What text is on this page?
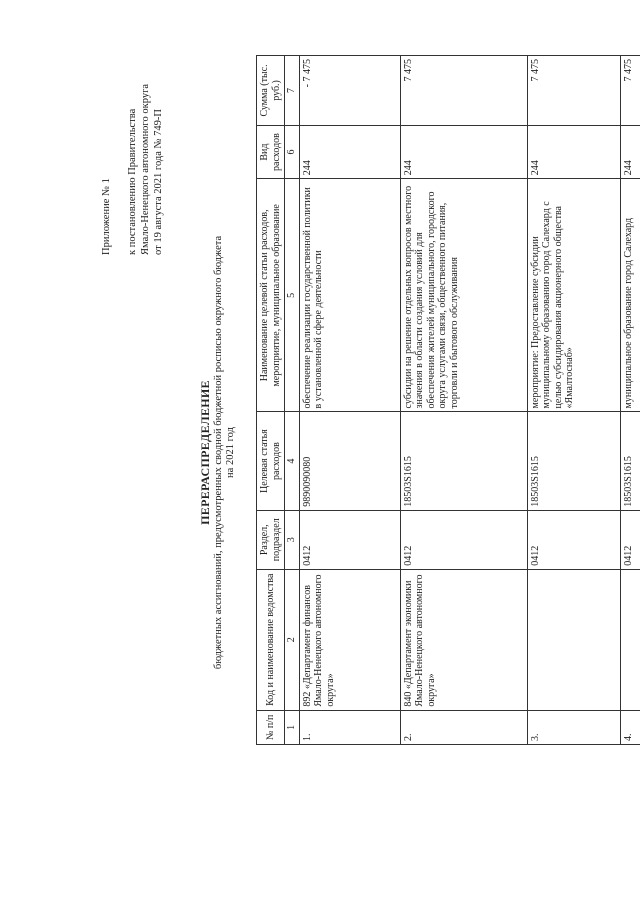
Приложение № 1 к постановлению Правительства Ямало-Ненецкого автономного округа от 19 августа 2021 года № 749-П
ПЕРЕРАСПРЕДЕЛЕНИЕ бюджетных ассигнований, предусмотренных сводной бюджетной росписью окружного бюджета на 2021 год
№ п/п	Код и наименование ведомства	Раздел, подраздел	Целевая статья расходов	Наименование целевой статьи расходов, мероприятие, муниципальное образование	Вид расходов	Сумма (тыс. руб.)
1	2	3	4	5	6	7
1.	892 «Департамент финансов Ямало-Ненецкого автономного округа»	0412	9890090080	обеспечение реализации государственной политики в установленной сфере деятельности	244	- 7 475
2.	840 «Департамент экономики Ямало-Ненецкого автономного округа»	0412	18503S1615	субсидии на решение отдельных вопросов местного значения в области создания условий для обеспечения жителей муниципального, городского округа услугами связи, общественного питания, торговли и бытового обслуживания	244	7 475
3.		0412	18503S1615	мероприятие: Предоставление субсидии муниципальному образованию город Салехард с целью субсидирования акционерного общества «Ямалтоснаб»	244	7 475
4.		0412	18503S1615	муниципальное образование город Салехард	244	7 475
